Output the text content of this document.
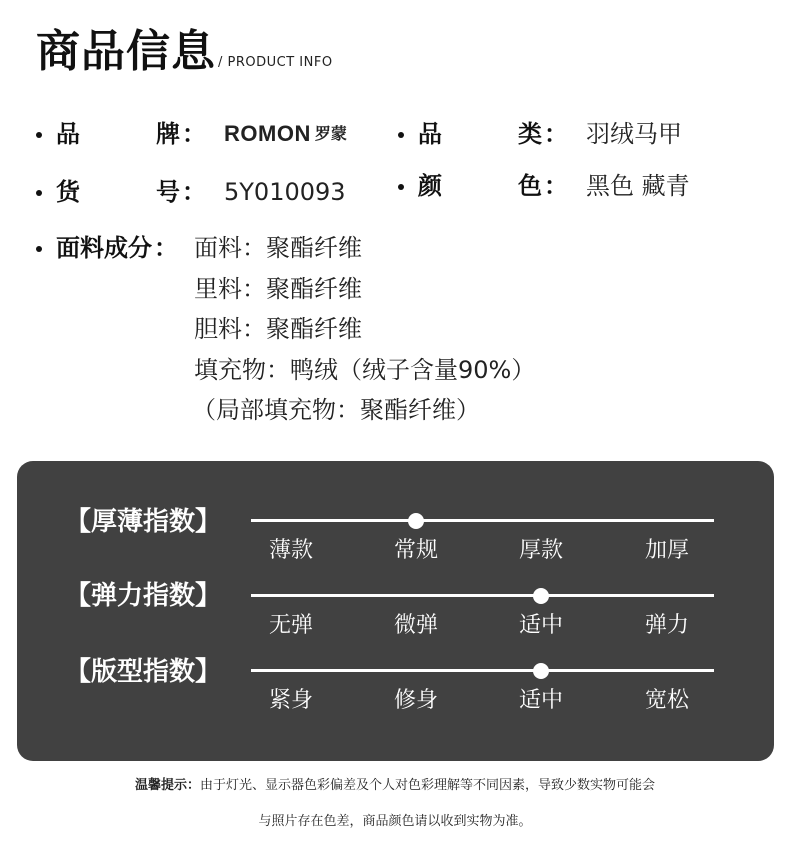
商品信息 / PRODUCT INFO
品	牌 ： ROMON 罗蒙	品	类 ： 羽绒马甲
货	号 ： 5Y010093	颜	色 ： 黑色 藏青
面料成分 ： 面料：聚酯纤维
里料：聚酯纤维
胆料：聚酯纤维
填充物：鸭绒（绒子含量90%）
（局部填充物：聚酯纤维）
【厚薄指数】
薄款	常规	厚款	加厚
【弹力指数】
无弹	微弹	适中	弹力
【版型指数】
紧身	修身	适中	宽松
温馨提示：由于灯光、显示器色彩偏差及个人对色彩理解等不同因素，导致少数实物可能会
与照片存在色差，商品颜色请以收到实物为准。
